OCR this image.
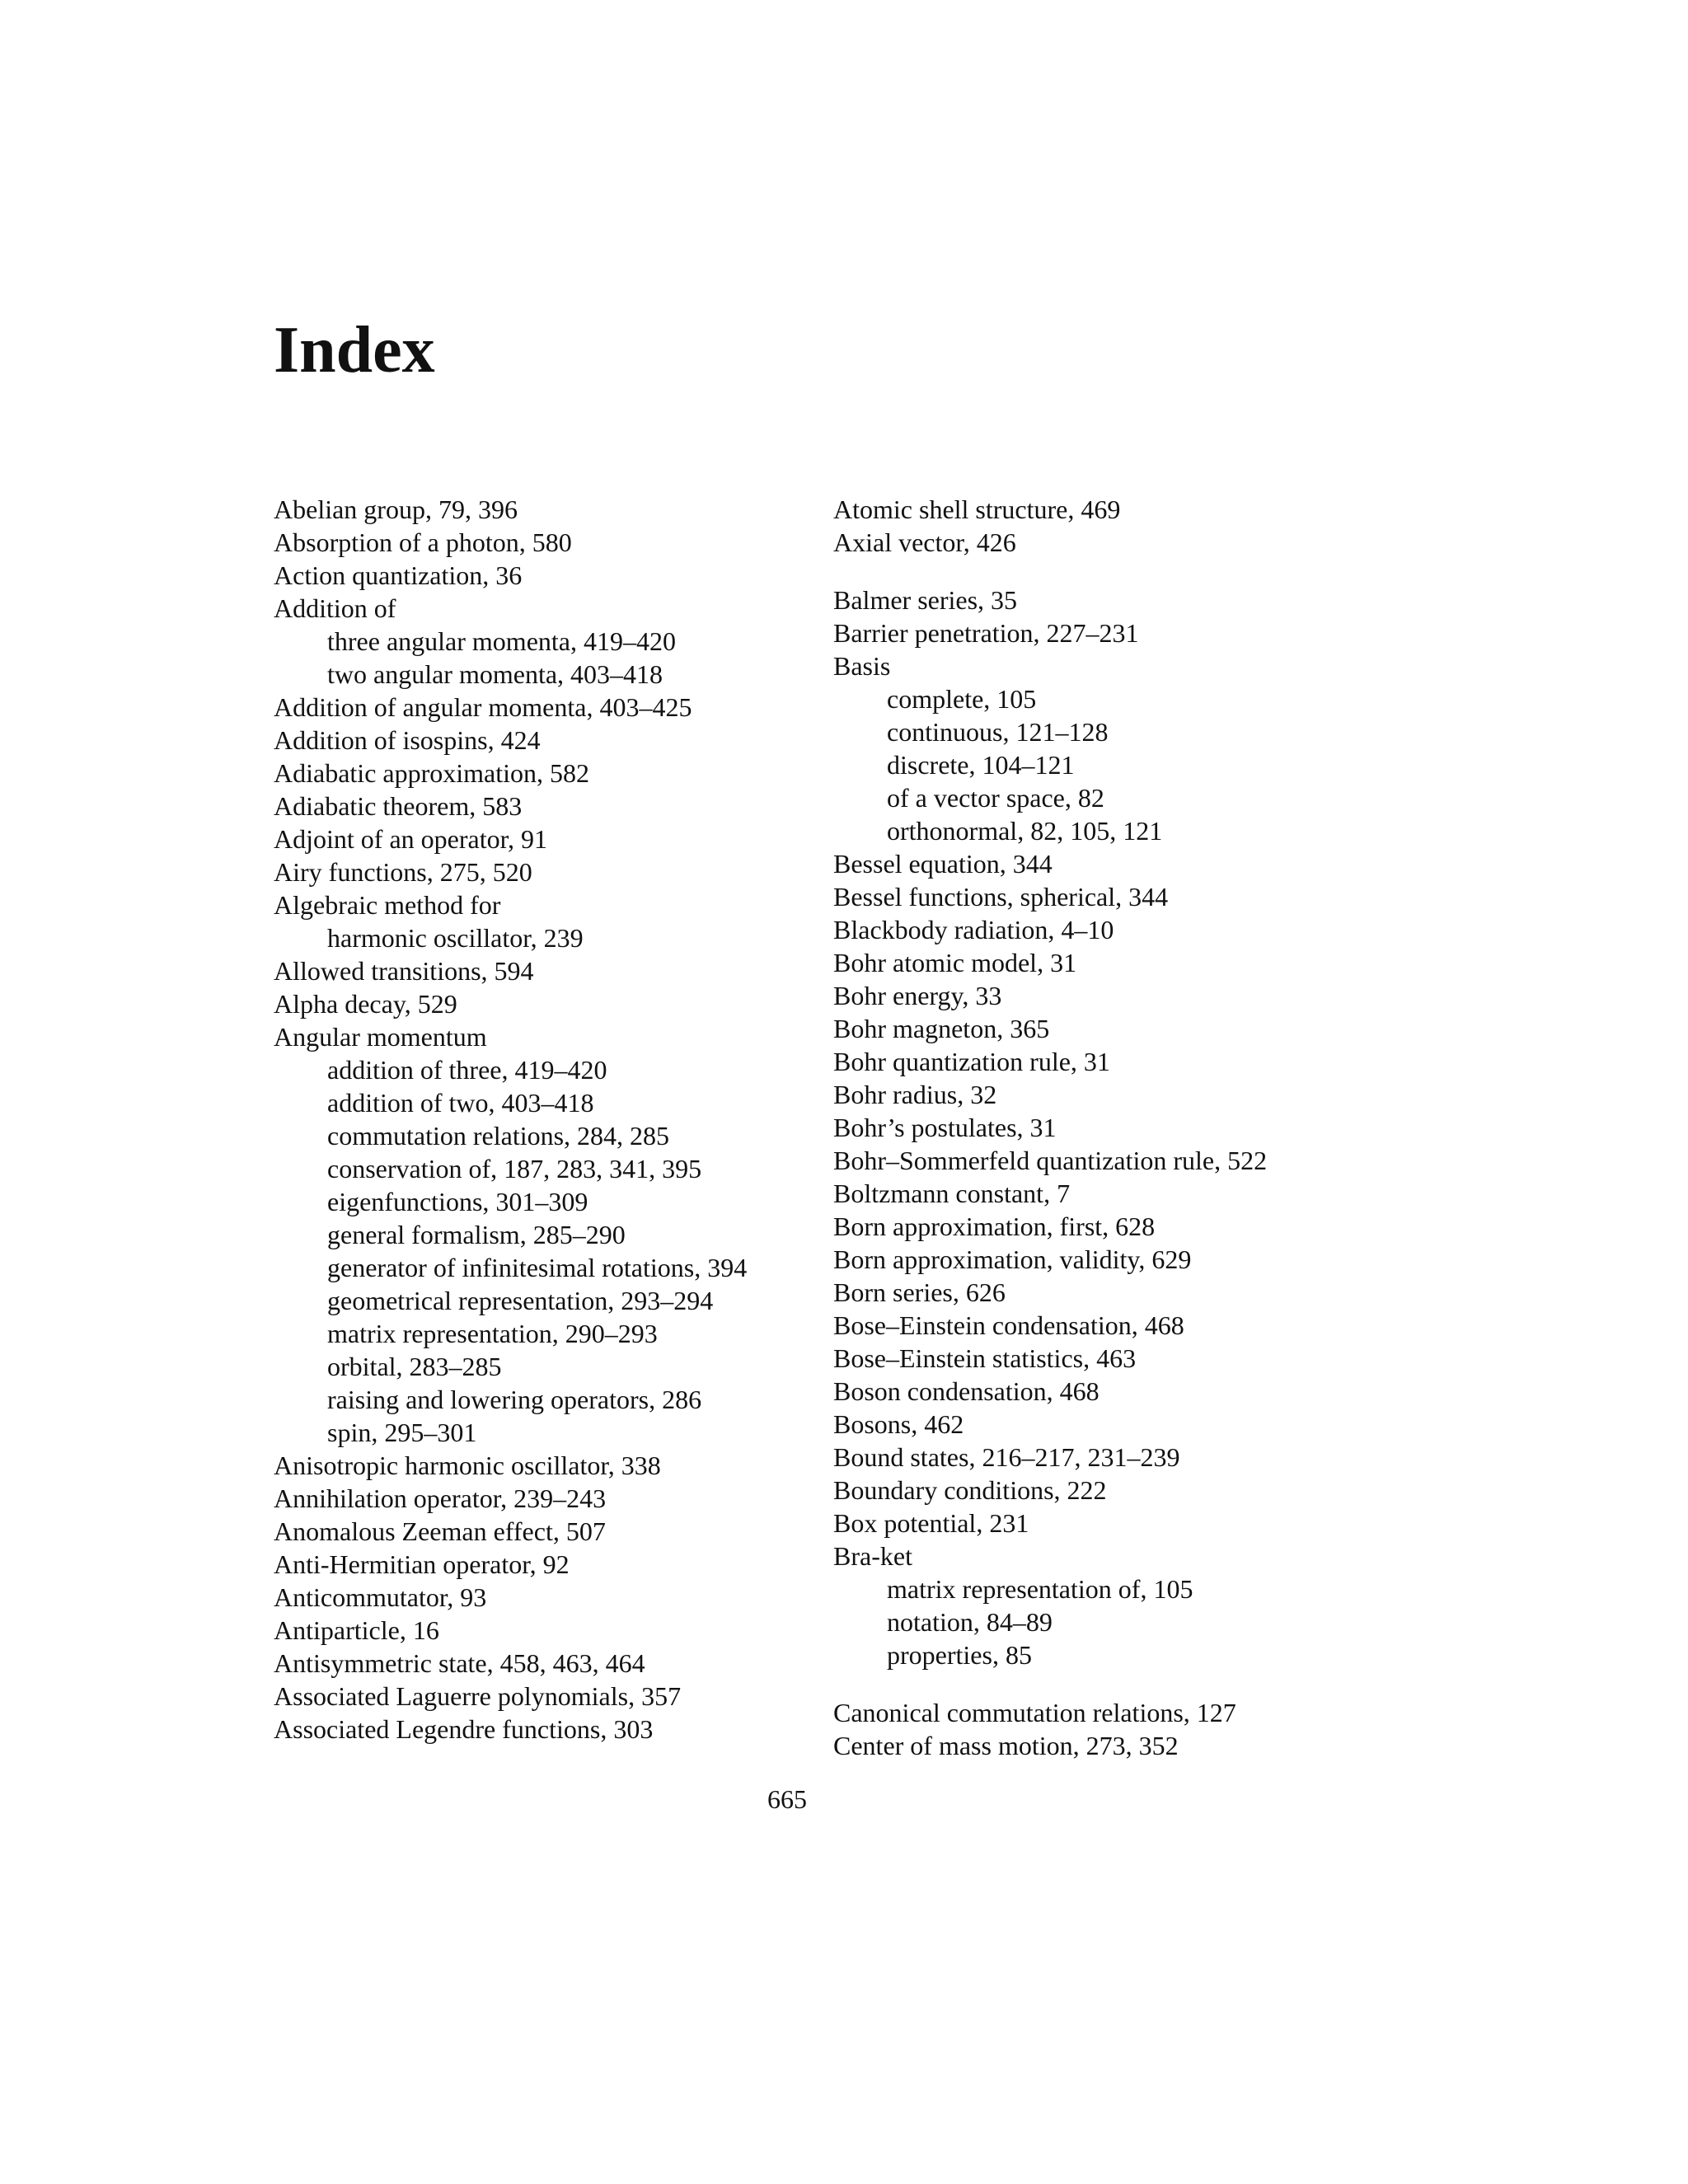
Index
Abelian group, 79, 396
Absorption of a photon, 580
Action quantization, 36
Addition of
three angular momenta, 419–420
two angular momenta, 403–418
Addition of angular momenta, 403–425
Addition of isospins, 424
Adiabatic approximation, 582
Adiabatic theorem, 583
Adjoint of an operator, 91
Airy functions, 275, 520
Algebraic method for
harmonic oscillator, 239
Allowed transitions, 594
Alpha decay, 529
Angular momentum
addition of three, 419–420
addition of two, 403–418
commutation relations, 284, 285
conservation of, 187, 283, 341, 395
eigenfunctions, 301–309
general formalism, 285–290
generator of infinitesimal rotations, 394
geometrical representation, 293–294
matrix representation, 290–293
orbital, 283–285
raising and lowering operators, 286
spin, 295–301
Anisotropic harmonic oscillator, 338
Annihilation operator, 239–243
Anomalous Zeeman effect, 507
Anti-Hermitian operator, 92
Anticommutator, 93
Antiparticle, 16
Antisymmetric state, 458, 463, 464
Associated Laguerre polynomials, 357
Associated Legendre functions, 303
Atomic shell structure, 469
Axial vector, 426
Balmer series, 35
Barrier penetration, 227–231
Basis
complete, 105
continuous, 121–128
discrete, 104–121
of a vector space, 82
orthonormal, 82, 105, 121
Bessel equation, 344
Bessel functions, spherical, 344
Blackbody radiation, 4–10
Bohr atomic model, 31
Bohr energy, 33
Bohr magneton, 365
Bohr quantization rule, 31
Bohr radius, 32
Bohr’s postulates, 31
Bohr–Sommerfeld quantization rule, 522
Boltzmann constant, 7
Born approximation, first, 628
Born approximation, validity, 629
Born series, 626
Bose–Einstein condensation, 468
Bose–Einstein statistics, 463
Boson condensation, 468
Bosons, 462
Bound states, 216–217, 231–239
Boundary conditions, 222
Box potential, 231
Bra-ket
matrix representation of, 105
notation, 84–89
properties, 85
Canonical commutation relations, 127
Center of mass motion, 273, 352
665
